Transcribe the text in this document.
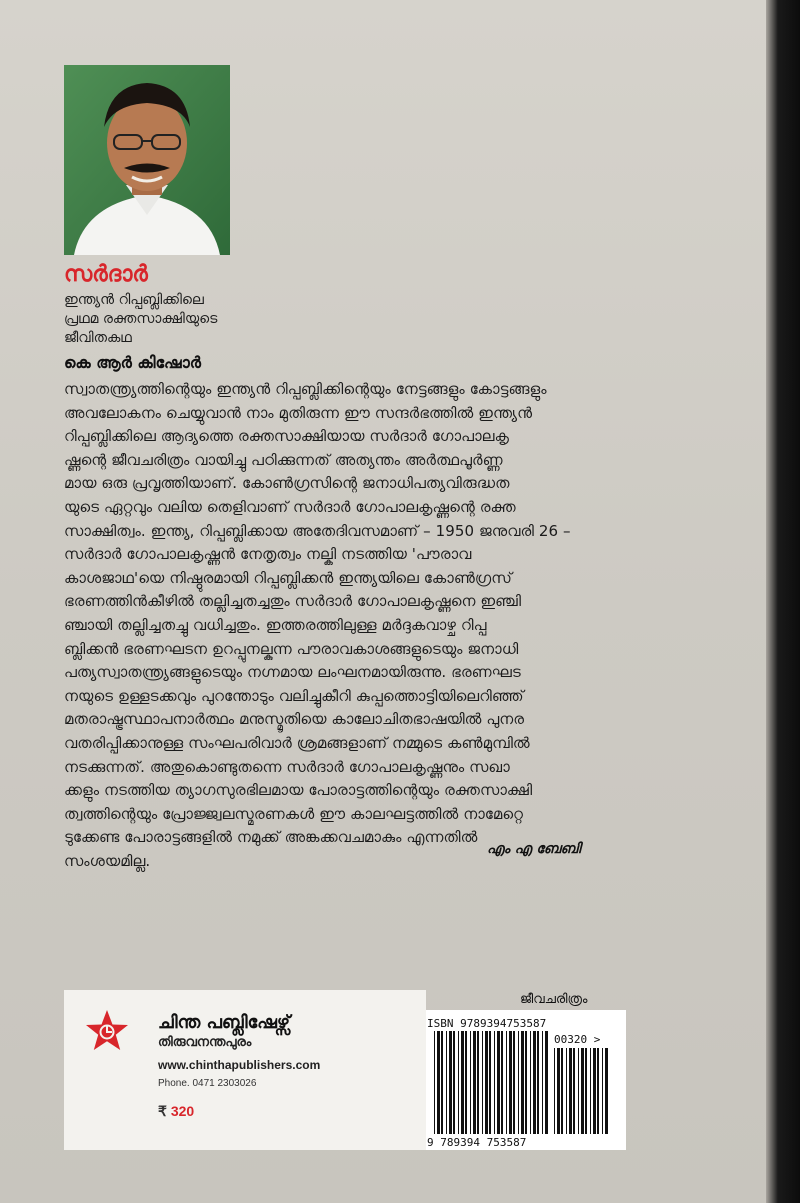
സർദാർ
ഇന്ത്യൻ റിപ്പബ്ലിക്കിലെ
പ്രഥമ രക്തസാക്ഷിയുടെ
ജീവിതകഥ
കെ ആർ കിഷോർ

സ്വാതന്ത്ര്യത്തിന്റെയും ഇന്ത്യൻ റിപ്പബ്ലിക്കിന്റെയും നേട്ടങ്ങളും കോട്ടങ്ങളും

അവലോകനം ചെയ്യുവാൻ നാം മുതിരുന്ന ഈ സന്ദർഭത്തിൽ ഇന്ത്യൻ

റിപ്പബ്ലിക്കിലെ ആദ്യത്തെ രക്തസാക്ഷിയായ സർദാർ ഗോപാലകൃ

ഷ്ണന്റെ ജീവചരിത്രം വായിച്ചു പഠിക്കുന്നത് അത്യന്തം അർത്ഥപൂർണ്ണ

മായ ഒരു പ്രവൃത്തിയാണ്. കോൺഗ്രസിന്റെ ജനാധിപത്യവിരുദ്ധത

യുടെ ഏറ്റവും വലിയ തെളിവാണ് സർദാർ ഗോപാലകൃഷ്ണന്റെ രക്ത

സാക്ഷിത്വം. ഇന്ത്യ, റിപ്പബ്ലിക്കായ അതേദിവസമാണ് – 1950 ജനുവരി 26 –

സർദാർ ഗോപാലകൃഷ്ണൻ നേതൃത്വം നല്കി നടത്തിയ 'പൗരാവ

കാശജാഥ'യെ നിഷ്ഠുരമായി റിപ്പബ്ലിക്കൻ ഇന്ത്യയിലെ കോൺഗ്രസ്

ഭരണത്തിൻകീഴിൽ തല്ലിച്ചതച്ചതും സർദാർ ഗോപാലകൃഷ്ണനെ ഇഞ്ചി

ഞ്ചായി തല്ലിച്ചതച്ചു വധിച്ചതും. ഇത്തരത്തിലുള്ള മർദ്ദകവാഴ്ച റിപ്പ

ബ്ലിക്കൻ ഭരണഘടന ഉറപ്പുനല്കുന്ന പൗരാവകാശങ്ങളുടെയും ജനാധി

പത്യസ്വാതന്ത്ര്യങ്ങളുടെയും നഗ്നമായ ലംഘനമായിരുന്നു. ഭരണഘട

നയുടെ ഉള്ളടക്കവും പുറന്തോടും വലിച്ചുകീറി കുപ്പത്തൊട്ടിയിലെറിഞ്ഞ്

മതരാഷ്ട്രസ്ഥാപനാർത്ഥം മനുസ്മൃതിയെ കാലോചിതഭാഷയിൽ പുനര

വതരിപ്പിക്കാനുള്ള സംഘപരിവാർ ശ്രമങ്ങളാണ് നമ്മുടെ കൺമുമ്പിൽ

നടക്കുന്നത്. അതുകൊണ്ടുതന്നെ സർദാർ ഗോപാലകൃഷ്ണനും സഖാ

ക്കളും നടത്തിയ ത്യാഗസുരഭിലമായ പോരാട്ടത്തിന്റെയും രക്തസാക്ഷി

ത്വത്തിന്റെയും പ്രോജ്ജ്വലസ്മരണകൾ ഈ കാലഘട്ടത്തിൽ നാമേറ്റെ

ടുക്കേണ്ട പോരാട്ടങ്ങളിൽ നമുക്ക് അങ്കക്കവചമാകും എന്നതിൽ

സംശയമില്ല.

എം എ ബേബി
ചിന്ത പബ്ലിഷേഴ്സ്
തിരുവനന്തപുരം
www.chinthapublishers.com
Phone. 0471 2303026
₹ 320
ജീവചരിത്രം
ISBN 9789394753587
00320 >
9 789394 753587
